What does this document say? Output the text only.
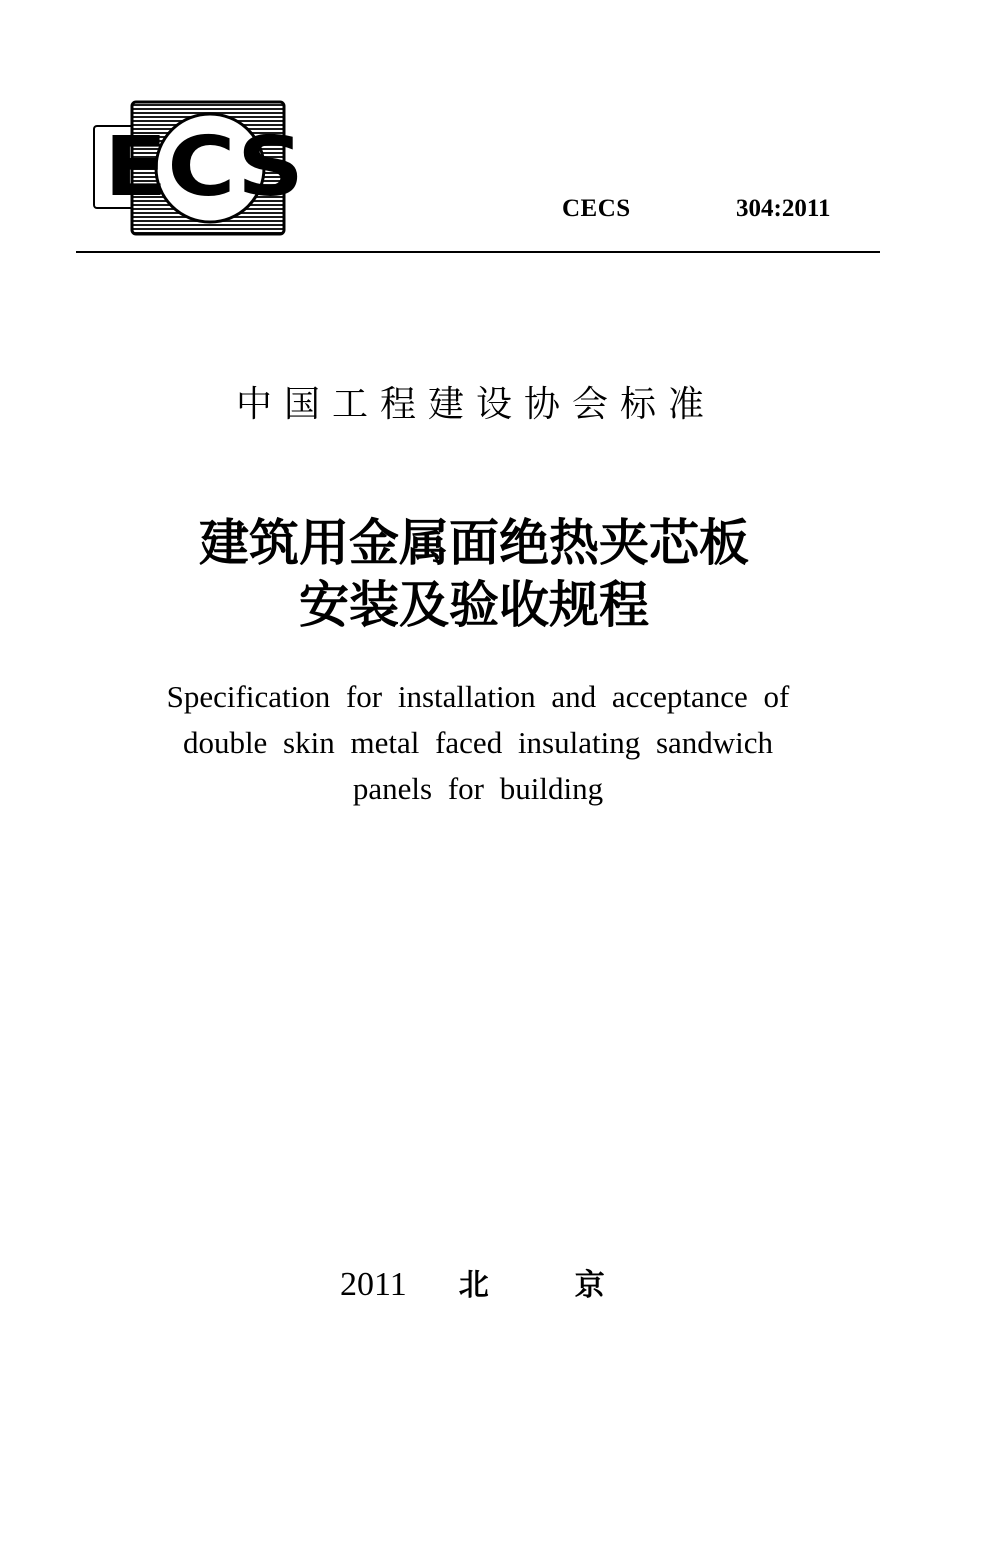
ECS	CECS	304:2011
中国工程建设协会标准
建筑用金属面绝热夹芯板
安装及验收规程
Specification for installation and acceptance of
double skin metal faced insulating sandwich
panels for building
2011 北京
